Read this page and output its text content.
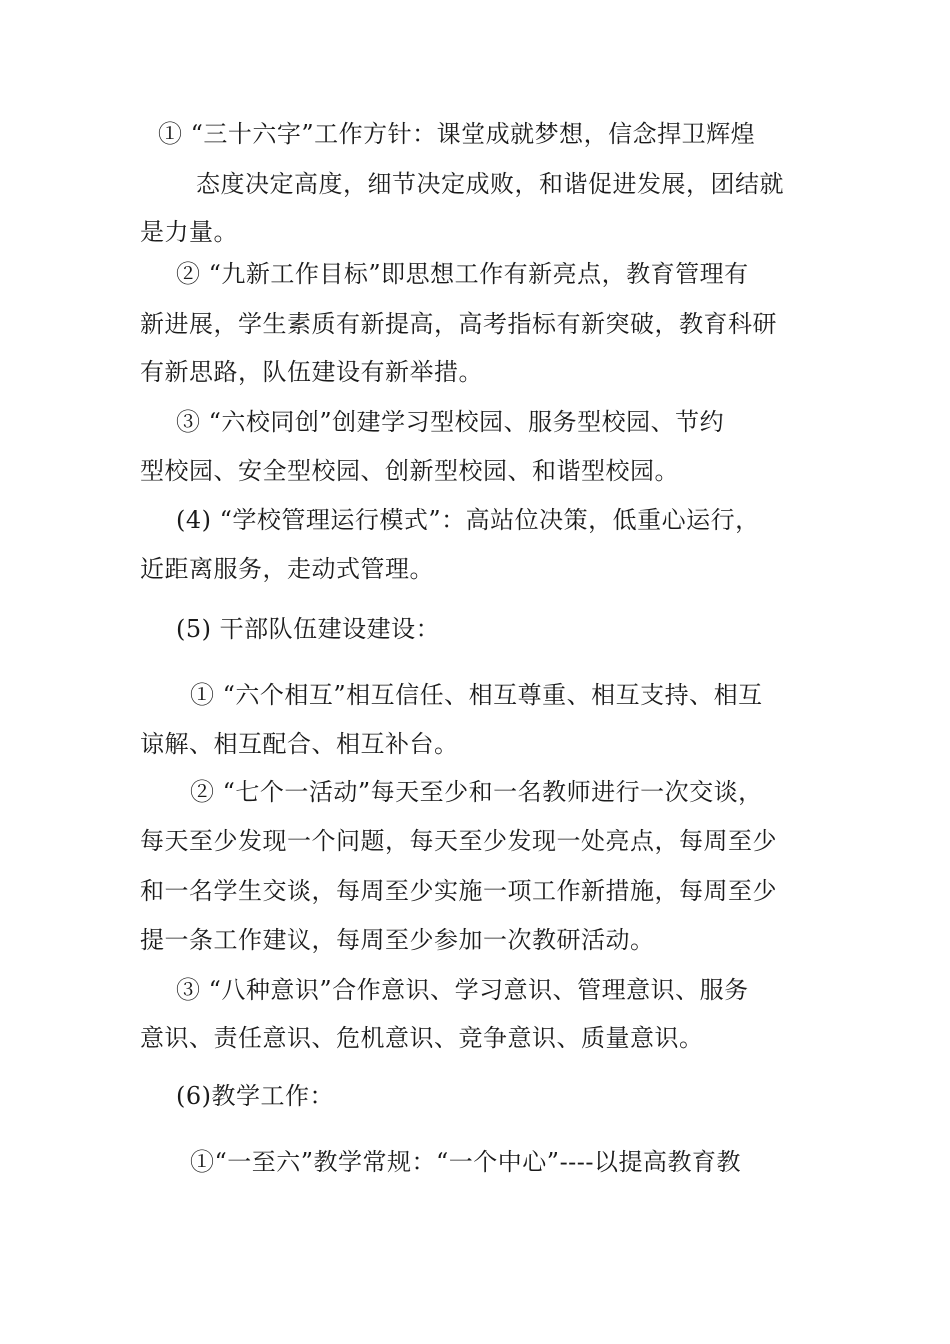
① “三十六字”工作方针：课堂成就梦想，信念捍卫辉煌
态度决定高度，细节决定成败，和谐促进发展，团结就
是力量。
② “九新工作目标”即思想工作有新亮点，教育管理有
新进展，学生素质有新提高，高考指标有新突破，教育科研
有新思路，队伍建设有新举措。
③ “六校同创”创建学习型校园、服务型校园、节约
型校园、安全型校园、创新型校园、和谐型校园。
(4) “学校管理运行模式”：高站位决策，低重心运行，
近距离服务，走动式管理。
(5) 干部队伍建设建设：
① “六个相互”相互信任、相互尊重、相互支持、相互
谅解、相互配合、相互补台。
② “七个一活动”每天至少和一名教师进行一次交谈，
每天至少发现一个问题，每天至少发现一处亮点，每周至少
和一名学生交谈，每周至少实施一项工作新措施，每周至少
提一条工作建议，每周至少参加一次教研活动。
③ “八种意识”合作意识、学习意识、管理意识、服务
意识、责任意识、危机意识、竞争意识、质量意识。
(6)教学工作：
①“一至六”教学常规：“一个中心”----以提高教育教
